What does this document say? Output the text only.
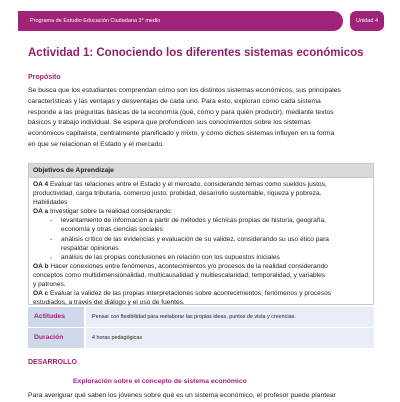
Programa de Estudio Educación Ciudadana 3° medio	Unidad 4
Actividad 1: Conociendo los diferentes sistemas económicos
Propósito
Se busca que los estudiantes comprendan cómo son los distintos sistemas económicos, sus principales
características y las ventajas y desventajas de cada uno. Para esto, exploran cómo cada sistema
responde a las preguntas básicas de la economía (qué, cómo y para quién producir), mediante textos
básicos y trabajo individual. Se espera que profundicen sus conocimientos sobre los sistemas
económicos capitalista, centralmente planificado y mixto, y cómo dichos sistemas influyen en la forma
en que se relacionan el Estado y el mercado.
Objetivos de Aprendizaje
OA 4 Evaluar las relaciones entre el Estado y el mercado, considerando temas como sueldos justos,
productividad, carga tributaria, comercio justo, probidad, desarrollo sustentable, riqueza y pobreza.
Habilidades
OA a Investigar sobre la realidad considerando:
- levantamiento de información a partir de métodos y técnicas propias de historia, geografía,
economía y otras ciencias sociales
- análisis crítico de las evidencias y evaluación de su validez, considerando su uso ético para
respaldar opiniones
- análisis de las propias conclusiones en relación con los supuestos iniciales
OA b Hacer conexiones entre fenómenos, acontecimientos y/o procesos de la realidad considerando
conceptos como multidimensionalidad, multicausalidad y multiescalaridad, temporalidad, y variables
y patrones.
OA c Evaluar la validez de las propias interpretaciones sobre acontecimientos, fenómenos y procesos
estudiados, a través del diálogo y el uso de fuentes.
Actitudes	Pensar con flexibilidad para reelaborar las propias ideas, puntos de vista y creencias.
Duración	4 horas pedagógicas
DESARROLLO
Exploración sobre el concepto de sistema económico
Para averiguar qué saben los jóvenes sobre qué es un sistema económico, el profesor puede plantear
